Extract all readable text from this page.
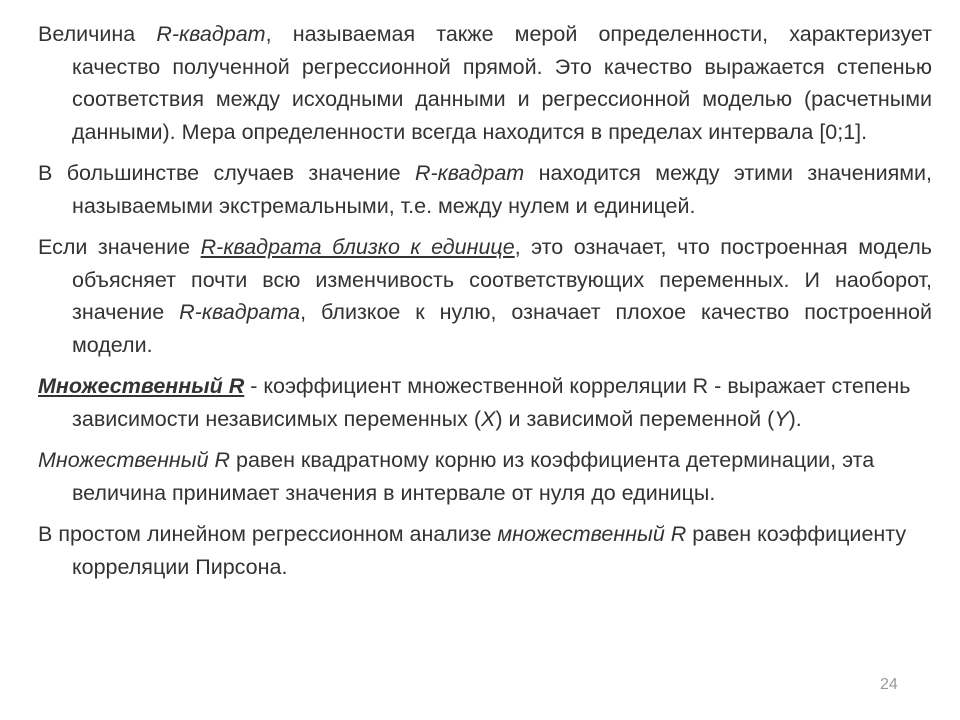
Величина R-квадрат, называемая также мерой определенности, характеризует качество полученной регрессионной прямой. Это качество выражается степенью соответствия между исходными данными и регрессионной моделью (расчетными данными). Мера определенности всегда находится в пределах интервала [0;1].

В большинстве случаев значение R-квадрат находится между этими значениями, называемыми экстремальными, т.е. между нулем и единицей.

Если значение R-квадрата близко к единице, это означает, что построенная модель объясняет почти всю изменчивость соответствующих переменных. И наоборот, значение R-квадрата, близкое к нулю, означает плохое качество построенной модели.

Множественный R - коэффициент множественной корреляции R - выражает степень зависимости независимых переменных (X) и зависимой переменной (Y).

Множественный R равен квадратному корню из коэффициента детерминации, эта величина принимает значения в интервале от нуля до единицы.

В простом линейном регрессионном анализе множественный R равен коэффициенту корреляции Пирсона.

24
